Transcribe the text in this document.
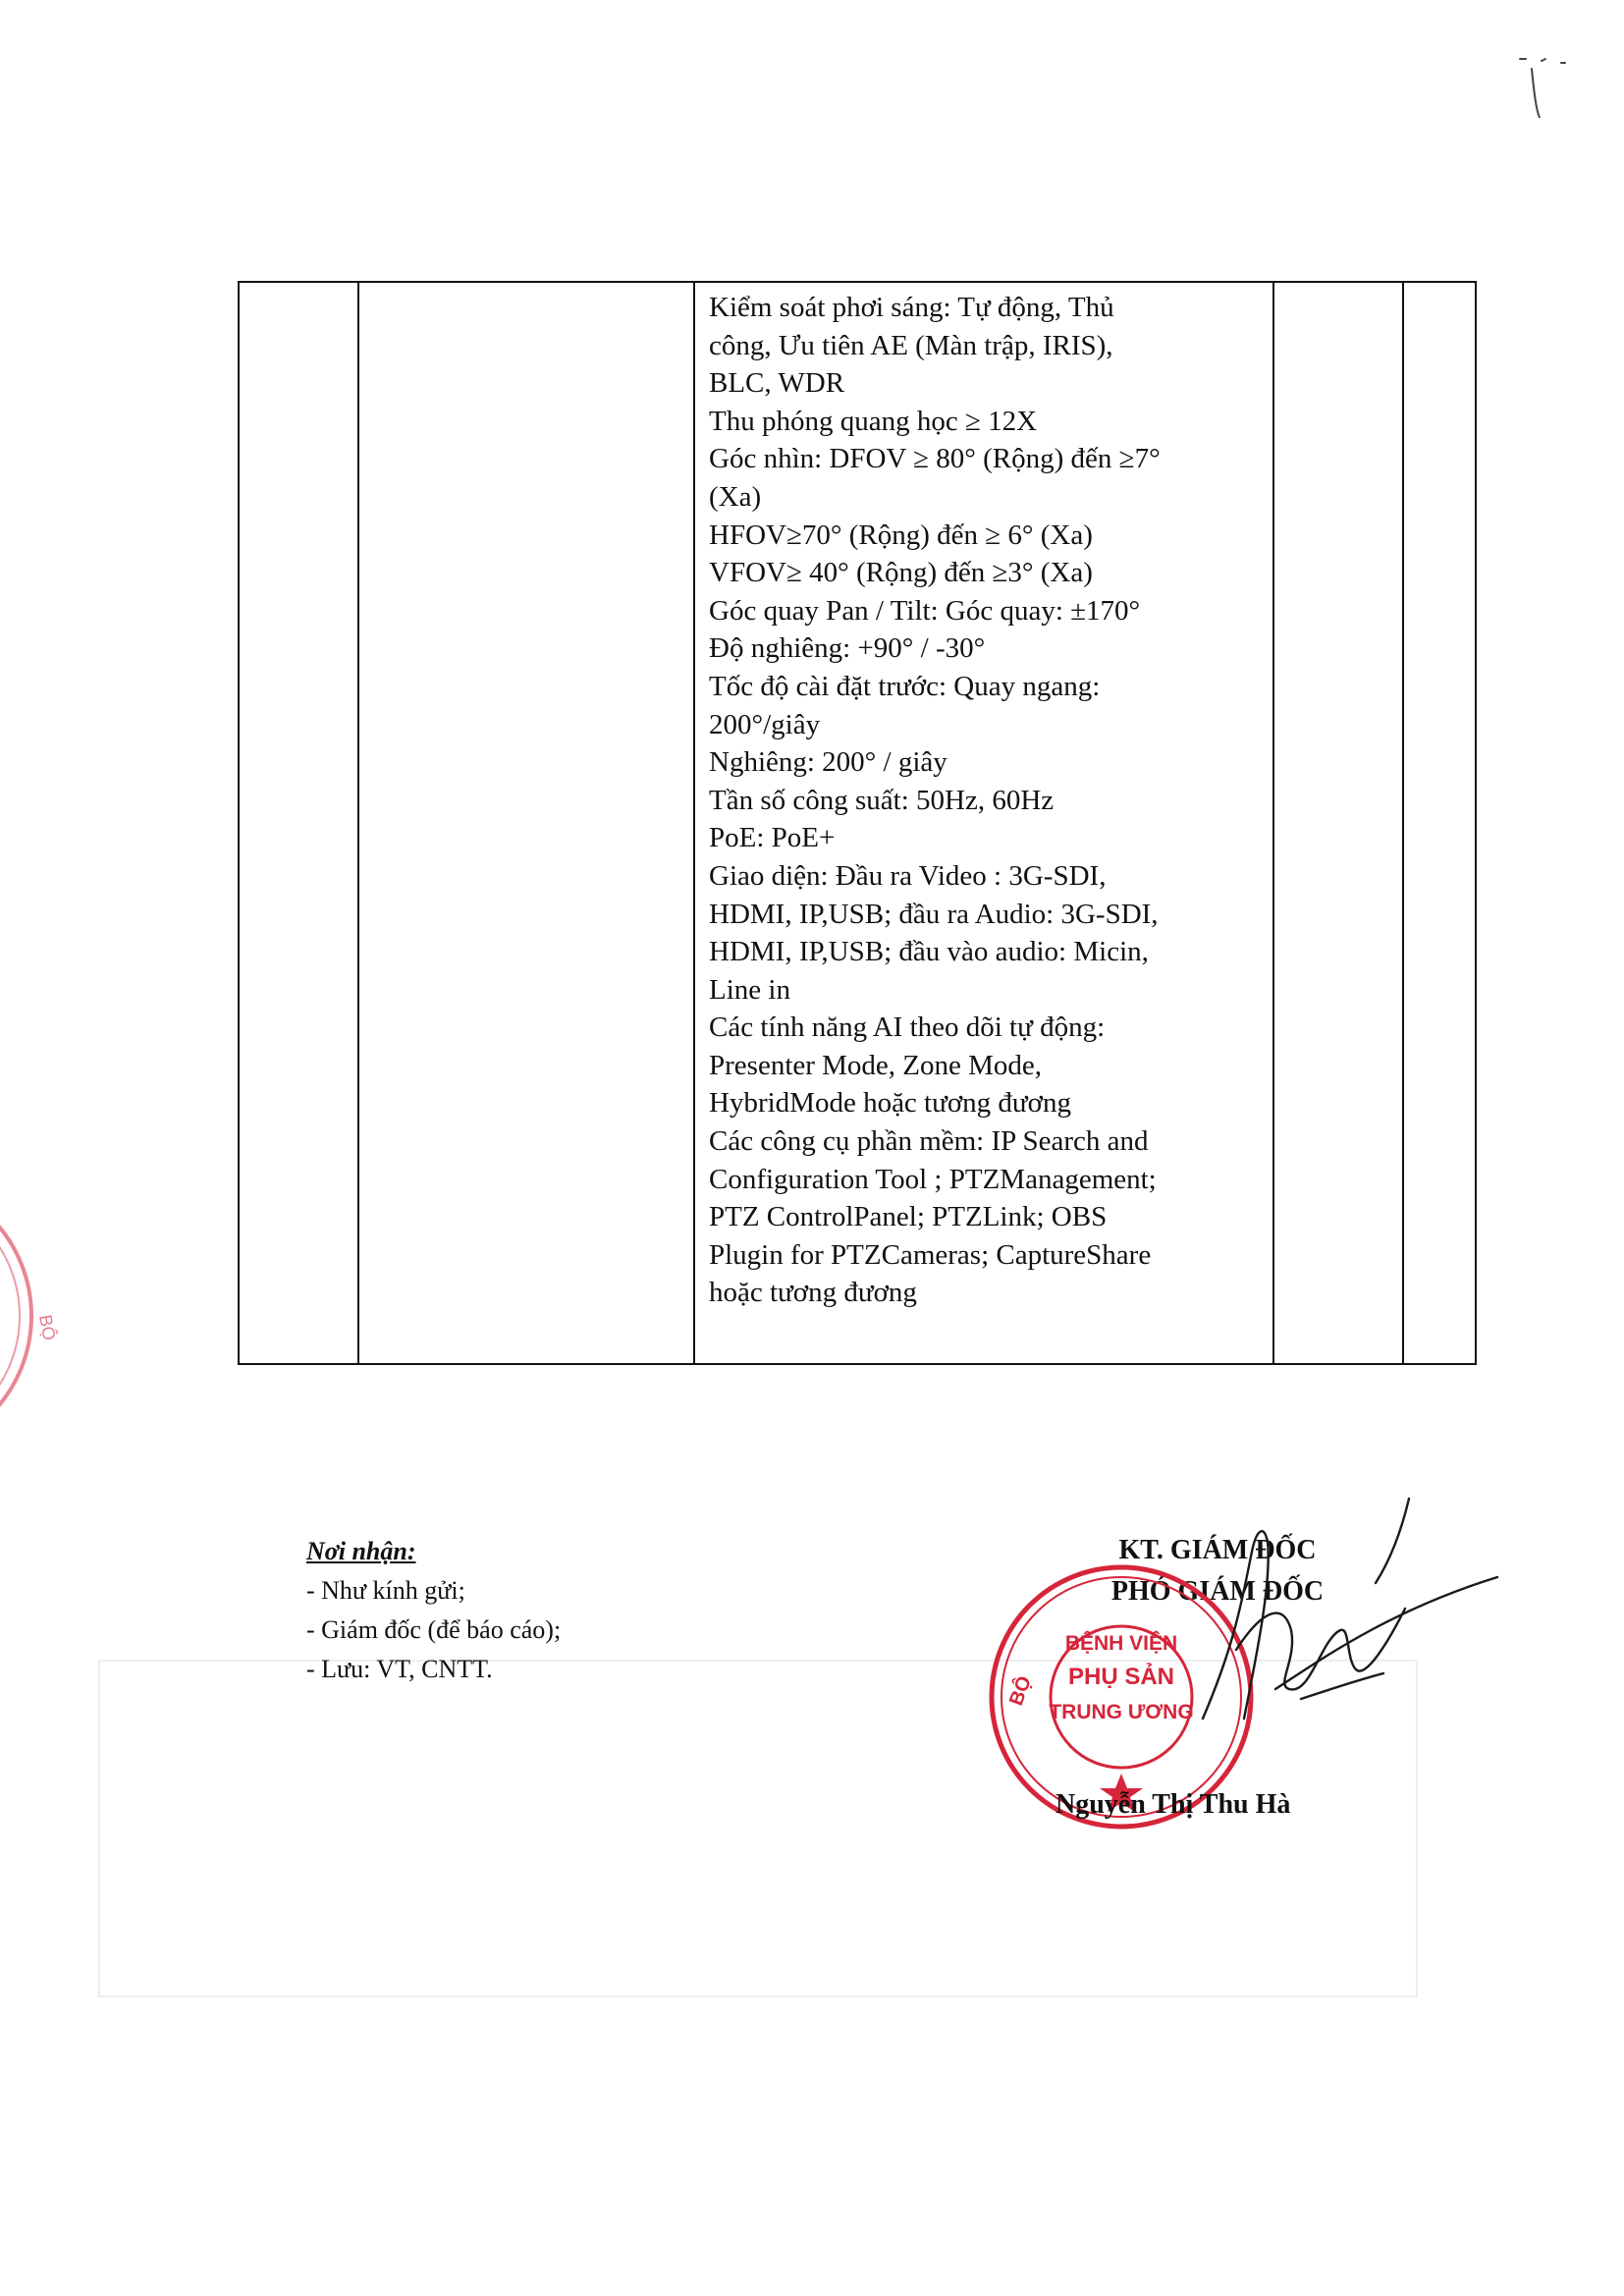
Kiểm soát phơi sáng: Tự động, Thủ
công, Ưu tiên AE (Màn trập, IRIS),
BLC, WDR
Thu phóng quang học ≥ 12X
Góc nhìn: DFOV ≥ 80° (Rộng) đến ≥7°
(Xa)
HFOV≥70° (Rộng) đến ≥ 6° (Xa)
VFOV≥ 40° (Rộng) đến ≥3° (Xa)
Góc quay Pan / Tilt: Góc quay: ±170°
Độ nghiêng: +90° / -30°
Tốc độ cài đặt trước: Quay ngang:
200°/giây
Nghiêng: 200° / giây
Tần số công suất: 50Hz, 60Hz
PoE: PoE+
Giao diện: Đầu ra Video : 3G-SDI,
HDMI, IP,USB; đầu ra Audio: 3G-SDI,
HDMI, IP,USB; đầu vào audio: Micin,
Line in
Các tính năng AI theo dõi tự động:
Presenter Mode, Zone Mode,
HybridMode hoặc tương đương
Các công cụ phần mềm: IP Search and
Configuration Tool ; PTZManagement;
PTZ ControlPanel; PTZLink; OBS
Plugin for PTZCameras; CaptureShare
hoặc tương đương
Nơi nhận:
- Như kính gửi;
- Giám đốc (để báo cáo);
- Lưu: VT, CNTT.
KT. GIÁM ĐỐC
PHÓ GIÁM ĐỐC
BỘ
BỆNH VIỆN
PHỤ SẢN
TRUNG ƯƠNG
BỘ
Nguyễn Thị Thu Hà
